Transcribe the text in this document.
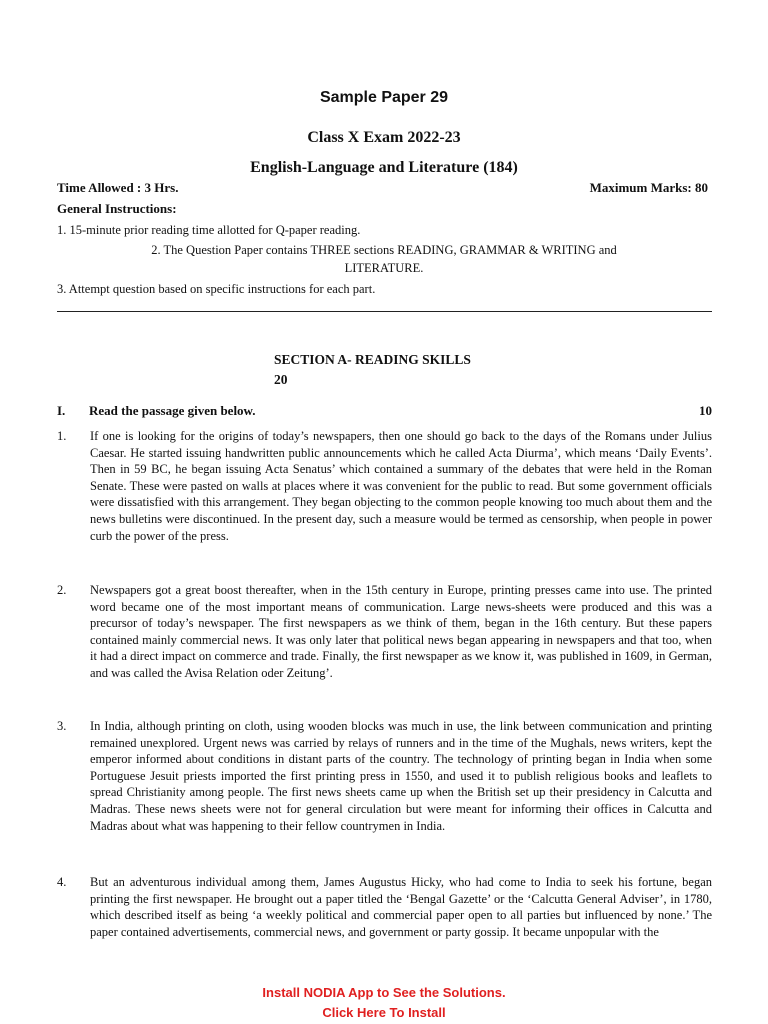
Sample Paper 29
Class X Exam 2022-23
English-Language and Literature (184)
Time Allowed : 3 Hrs.	Maximum Marks: 80
General Instructions:
1. 15-minute prior reading time allotted for Q-paper reading.
2. The Question Paper contains THREE sections READING, GRAMMAR & WRITING and
LITERATURE.
3. Attempt question based on specific instructions for each part.
SECTION A- READING SKILLS
20
I. Read the passage given below.	10
1. If one is looking for the origins of today’s newspapers, then one should go back to the days of the Romans under Julius Caesar. He started issuing handwritten public announcements which he called Acta Diurma’, which means ‘Daily Events’. Then in 59 BC, he began issuing Acta Senatus’ which contained a summary of the debates that were held in the Roman Senate. These were pasted on walls at places where it was convenient for the public to read. But some government officials were dissatisfied with this arrangement. They began objecting to the common people knowing too much about them and the news bulletins were discontinued. In the present day, such a measure would be termed as censorship, when people in power curb the power of the press.
2. Newspapers got a great boost thereafter, when in the 15th century in Europe, printing presses came into use. The printed word became one of the most important means of communication. Large news-sheets were produced and this was a precursor of today’s newspaper. The first newspapers as we think of them, began in the 16th century. But these papers contained mainly commercial news. It was only later that political news began appearing in newspapers and that too, when it had a direct impact on commerce and trade. Finally, the first newspaper as we know it, was published in 1609, in German, and was called the Avisa Relation oder Zeitung’.
3. In India, although printing on cloth, using wooden blocks was much in use, the link between communication and printing remained unexplored. Urgent news was carried by relays of runners and in the time of the Mughals, news writers, kept the emperor informed about conditions in distant parts of the country. The technology of printing began in India when some Portuguese Jesuit priests imported the first printing press in 1550, and used it to publish religious books and leaflets to spread Christianity among people. The first news sheets came up when the British set up their presidency in Calcutta and Madras. These news sheets were not for general circulation but were meant for informing their offices in Calcutta and Madras about what was happening to their fellow countrymen in India.
4. But an adventurous individual among them, James Augustus Hicky, who had come to India to seek his fortune, began printing the first newspaper. He brought out a paper titled the ‘Bengal Gazette’ or the ‘Calcutta General Adviser’, in 1780, which described itself as being ‘a weekly political and commercial paper open to all parties but influenced by none.’ The paper contained advertisements, commercial news, and government or party gossip. It became unpopular with the
Install NODIA App to See the Solutions.
Click Here To Install
